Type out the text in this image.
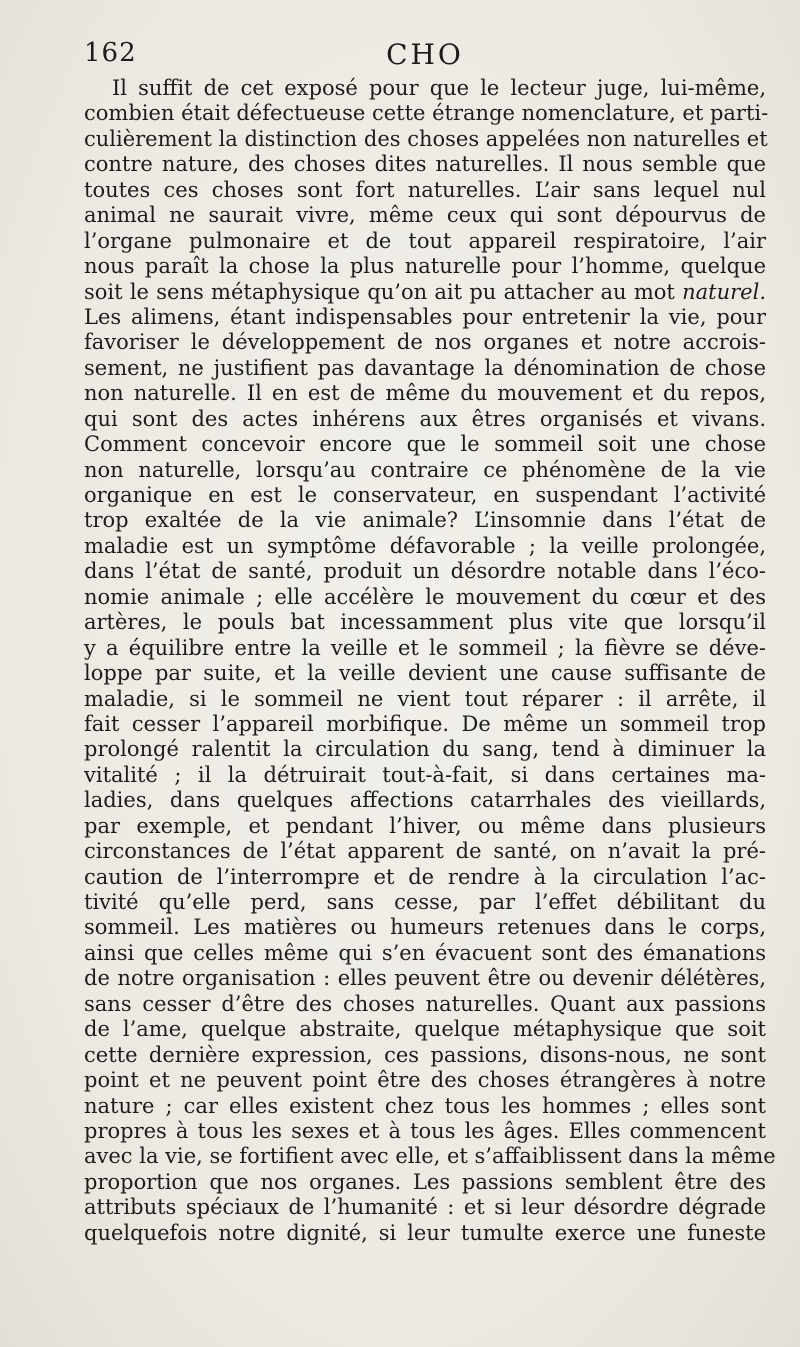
162	CHO
Il suffit de cet exposé pour que le lecteur juge, lui-même,
combien était défectueuse cette étrange nomenclature, et parti-
culièrement la distinction des choses appelées non naturelles et
contre nature, des choses dites naturelles. Il nous semble que
toutes ces choses sont fort naturelles. L’air sans lequel nul
animal ne saurait vivre, même ceux qui sont dépourvus de
l’organe pulmonaire et de tout appareil respiratoire, l’air
nous paraît la chose la plus naturelle pour l’homme, quelque
soit le sens métaphysique qu’on ait pu attacher au mot naturel.
Les alimens, étant indispensables pour entretenir la vie, pour
favoriser le développement de nos organes et notre accrois-
sement, ne justifient pas davantage la dénomination de chose
non naturelle. Il en est de même du mouvement et du repos,
qui sont des actes inhérens aux êtres organisés et vivans.
Comment concevoir encore que le sommeil soit une chose
non naturelle, lorsqu’au contraire ce phénomène de la vie
organique en est le conservateur, en suspendant l’activité
trop exaltée de la vie animale? L’insomnie dans l’état de
maladie est un symptôme défavorable ; la veille prolongée,
dans l’état de santé, produit un désordre notable dans l’éco-
nomie animale ; elle accélère le mouvement du cœur et des
artères, le pouls bat incessamment plus vite que lorsqu’il
y a équilibre entre la veille et le sommeil ; la fièvre se déve-
loppe par suite, et la veille devient une cause suffisante de
maladie, si le sommeil ne vient tout réparer : il arrête, il
fait cesser l’appareil morbifique. De même un sommeil trop
prolongé ralentit la circulation du sang, tend à diminuer la
vitalité ; il la détruirait tout-à-fait, si dans certaines ma-
ladies, dans quelques affections catarrhales des vieillards,
par exemple, et pendant l’hiver, ou même dans plusieurs
circonstances de l’état apparent de santé, on n’avait la pré-
caution de l’interrompre et de rendre à la circulation l’ac-
tivité qu’elle perd, sans cesse, par l’effet débilitant du
sommeil. Les matières ou humeurs retenues dans le corps,
ainsi que celles même qui s’en évacuent sont des émanations
de notre organisation : elles peuvent être ou devenir délétères,
sans cesser d’être des choses naturelles. Quant aux passions
de l’ame, quelque abstraite, quelque métaphysique que soit
cette dernière expression, ces passions, disons-nous, ne sont
point et ne peuvent point être des choses étrangères à notre
nature ; car elles existent chez tous les hommes ; elles sont
propres à tous les sexes et à tous les âges. Elles commencent
avec la vie, se fortifient avec elle, et s’affaiblissent dans la même
proportion que nos organes. Les passions semblent être des
attributs spéciaux de l’humanité : et si leur désordre dégrade
quelquefois notre dignité, si leur tumulte exerce une funeste
